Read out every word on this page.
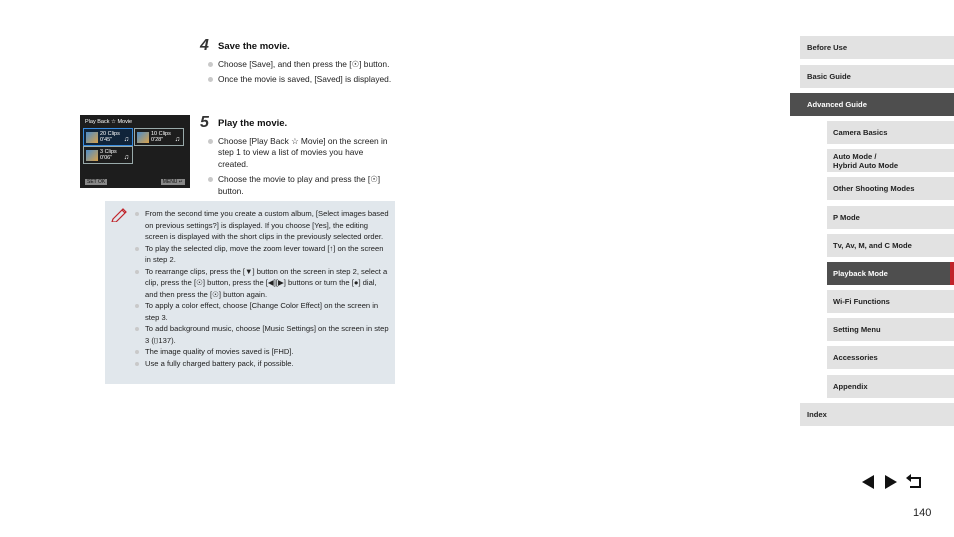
4 Save the movie.
Choose [Save], and then press the [☉] button.
Once the movie is saved, [Saved] is displayed.
5 Play the movie.
Choose [Play Back ☆ Movie] on the screen in step 1 to view a list of movies you have created.
Choose the movie to play and press the [☉] button.
Play Back ☆ Movie
20 Clips
0'45"	♫
10 Clips
0'28"	♫
3 Clips
0'06"	♫
SET OK	MENU ↵
From the second time you create a custom album, [Select images based on previous settings?] is displayed. If you choose [Yes], the editing screen is displayed with the short clips in the previously selected order.
To play the selected clip, move the zoom lever toward [↑] on the screen in step 2.
To rearrange clips, press the [▼] button on the screen in step 2, select a clip, press the [☉] button, press the [◀][▶] buttons or turn the [●] dial, and then press the [☉] button again.
To apply a color effect, choose [Change Color Effect] on the screen in step 3.
To add background music, choose [Music Settings] on the screen in step 3 (⌷137).
The image quality of movies saved is [FHD].
Use a fully charged battery pack, if possible.
Before Use
Basic Guide
Advanced Guide
Camera Basics
Auto Mode /
Hybrid Auto Mode
Other Shooting Modes
P Mode
Tv, Av, M, and C Mode
Playback Mode
Wi-Fi Functions
Setting Menu
Accessories
Appendix
Index
140
